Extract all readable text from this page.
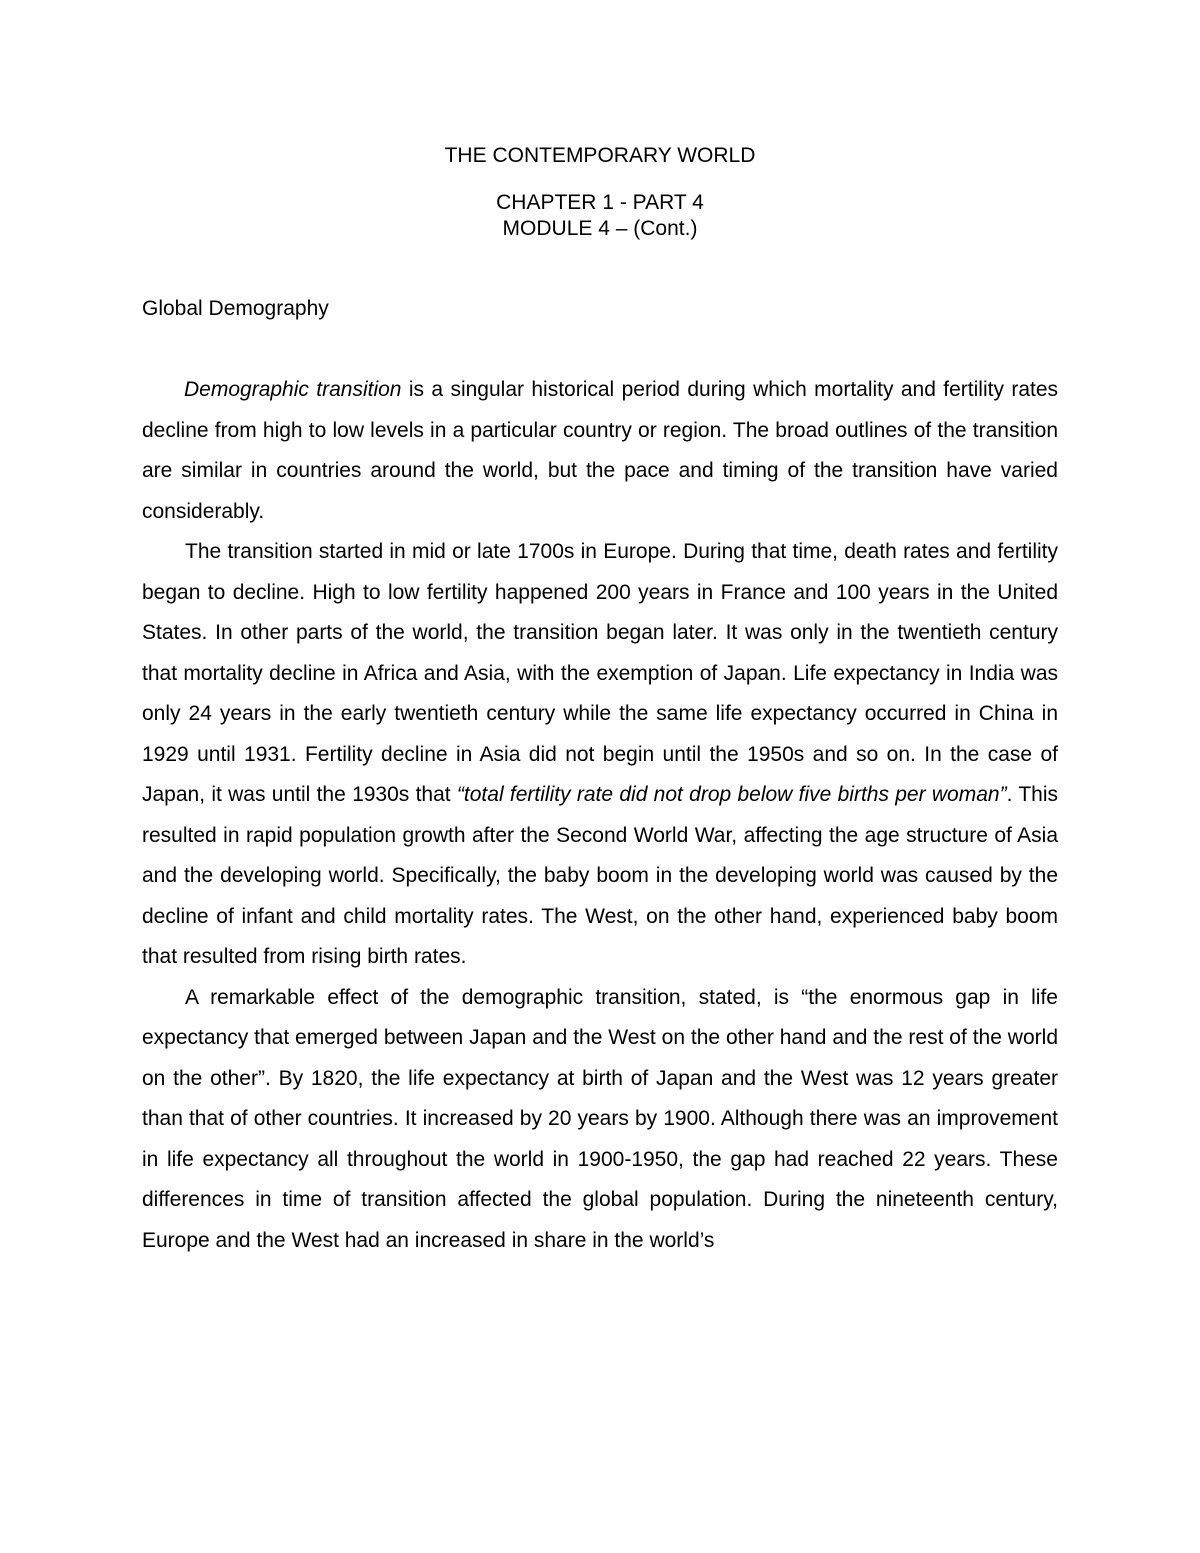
THE CONTEMPORARY WORLD

CHAPTER 1 - PART 4

MODULE 4 – (Cont.)

Global Demography

Demographic transition is a singular historical period during which mortality and fertility rates decline from high to low levels in a particular country or region. The broad outlines of the transition are similar in countries around the world, but the pace and timing of the transition have varied considerably.

The transition started in mid or late 1700s in Europe. During that time, death rates and fertility began to decline. High to low fertility happened 200 years in France and 100 years in the United States. In other parts of the world, the transition began later. It was only in the twentieth century that mortality decline in Africa and Asia, with the exemption of Japan. Life expectancy in India was only 24 years in the early twentieth century while the same life expectancy occurred in China in 1929 until 1931. Fertility decline in Asia did not begin until the 1950s and so on. In the case of Japan, it was until the 1930s that “total fertility rate did not drop below five births per woman”. This resulted in rapid population growth after the Second World War, affecting the age structure of Asia and the developing world. Specifically, the baby boom in the developing world was caused by the decline of infant and child mortality rates. The West, on the other hand, experienced baby boom that resulted from rising birth rates.

A remarkable effect of the demographic transition, stated, is “the enormous gap in life expectancy that emerged between Japan and the West on the other hand and the rest of the world on the other”. By 1820, the life expectancy at birth of Japan and the West was 12 years greater than that of other countries. It increased by 20 years by 1900. Although there was an improvement in life expectancy all throughout the world in 1900-1950, the gap had reached 22 years. These differences in time of transition affected the global population. During the nineteenth century, Europe and the West had an increased in share in the world’s
